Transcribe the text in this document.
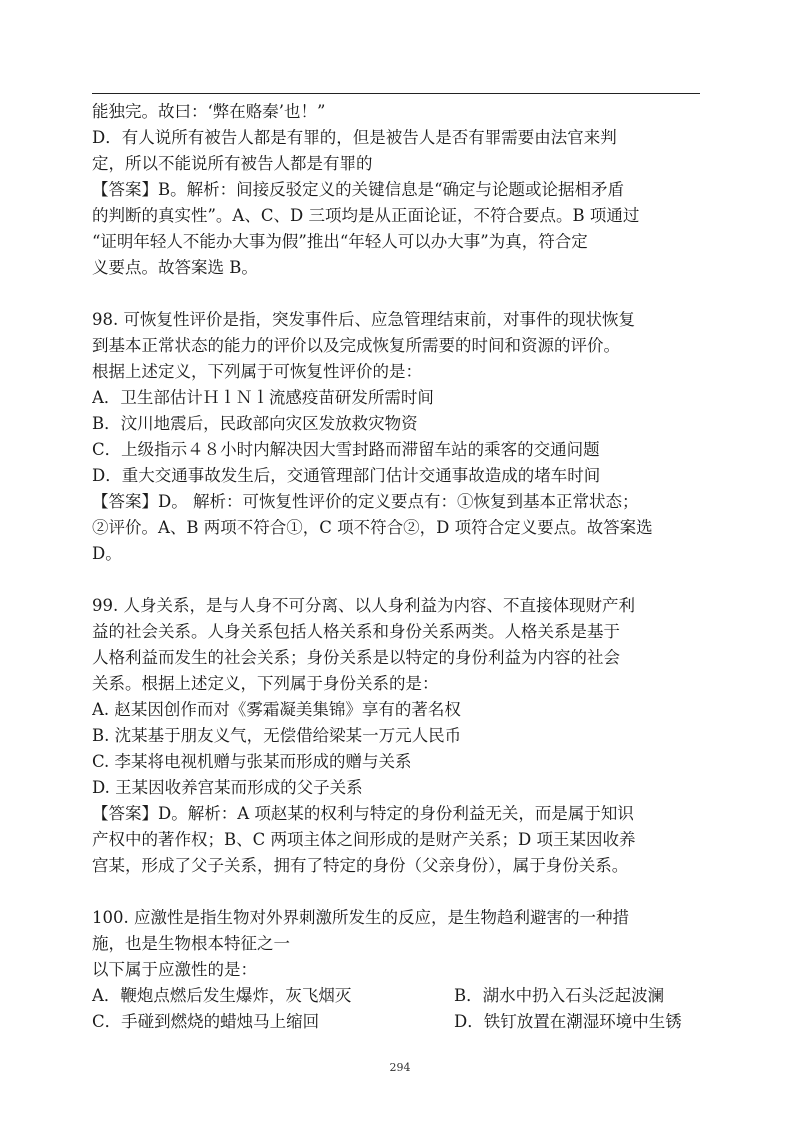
能独完。故曰：‘弊在赂秦’也！”

D．有人说所有被告人都是有罪的，但是被告人是否有罪需要由法官来判

定，所以不能说所有被告人都是有罪的

【答案】B。解析：间接反驳定义的关键信息是“确定与论题或论据相矛盾

的判断的真实性”。A、C、D 三项均是从正面论证，不符合要点。B 项通过

“证明年轻人不能办大事为假”推出“年轻人可以办大事”为真，符合定

义要点。故答案选 B。

98. 可恢复性评价是指，突发事件后、应急管理结束前，对事件的现状恢复

到基本正常状态的能力的评价以及完成恢复所需要的时间和资源的评价。

根据上述定义，下列属于可恢复性评价的是：

A．卫生部估计ＨｌＮｌ流感疫苗研发所需时间

B．汶川地震后，民政部向灾区发放救灾物资

C．上级指示４８小时内解决因大雪封路而滞留车站的乘客的交通问题

D．重大交通事故发生后，交通管理部门估计交通事故造成的堵车时间

【答案】D。 解析：可恢复性评价的定义要点有：①恢复到基本正常状态；

②评价。A、B 两项不符合①，C 项不符合②，D 项符合定义要点。故答案选

D。

99. 人身关系，是与人身不可分离、以人身利益为内容、不直接体现财产利

益的社会关系。人身关系包括人格关系和身份关系两类。人格关系是基于

人格利益而发生的社会关系；身份关系是以特定的身份利益为内容的社会

关系。根据上述定义，下列属于身份关系的是：

A. 赵某因创作而对《雾霜凝美集锦》享有的著名权

B. 沈某基于朋友义气，无偿借给梁某一万元人民币

C. 李某将电视机赠与张某而形成的赠与关系

D. 王某因收养宫某而形成的父子关系

【答案】D。解析：A 项赵某的权利与特定的身份利益无关，而是属于知识

产权中的著作权；B、C 两项主体之间形成的是财产关系；D 项王某因收养

宫某，形成了父子关系，拥有了特定的身份（父亲身份），属于身份关系。

100. 应激性是指生物对外界刺激所发生的反应，是生物趋利避害的一种措

施，也是生物根本特征之一

以下属于应激性的是：

A．鞭炮点燃后发生爆炸，灰飞烟灭	B．湖水中扔入石头泛起波澜
C．手碰到燃烧的蜡烛马上缩回	D．铁钉放置在潮湿环境中生锈
294
